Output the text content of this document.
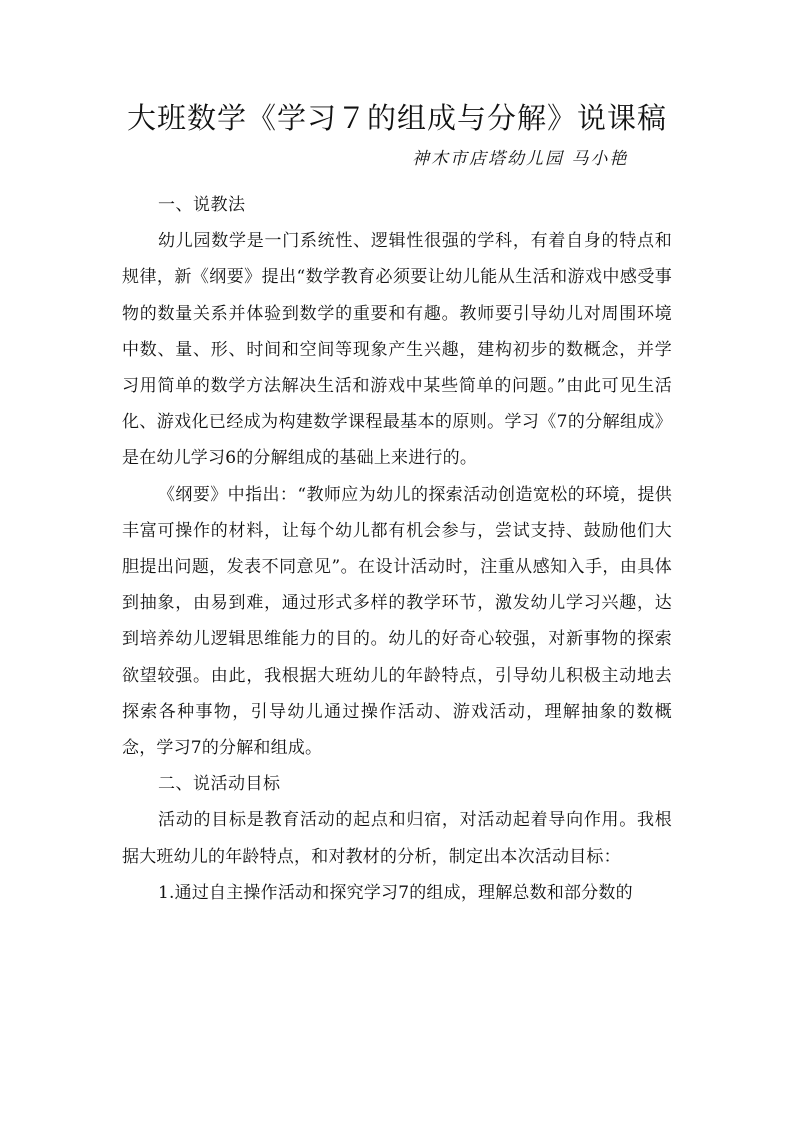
大班数学《学习７的组成与分解》说课稿
神木市店塔幼儿园 马小艳

一、说教法

幼儿园数学是一门系统性、逻辑性很强的学科，有着自身的特点和规律，新《纲要》提出“数学教育必须要让幼儿能从生活和游戏中感受事物的数量关系并体验到数学的重要和有趣。教师要引导幼儿对周围环境中数、量、形、时间和空间等现象产生兴趣，建构初步的数概念，并学习用简单的数学方法解决生活和游戏中某些简单的问题。”由此可见生活化、游戏化已经成为构建数学课程最基本的原则。学习《7的分解组成》是在幼儿学习6的分解组成的基础上来进行的。

《纲要》中指出：“教师应为幼儿的探索活动创造宽松的环境，提供丰富可操作的材料，让每个幼儿都有机会参与，尝试支持、鼓励他们大胆提出问题，发表不同意见”。在设计活动时，注重从感知入手，由具体到抽象，由易到难，通过形式多样的教学环节，激发幼儿学习兴趣，达到培养幼儿逻辑思维能力的目的。幼儿的好奇心较强，对新事物的探索欲望较强。由此，我根据大班幼儿的年龄特点，引导幼儿积极主动地去探索各种事物，引导幼儿通过操作活动、游戏活动，理解抽象的数概念，学习7的分解和组成。

二、说活动目标

活动的目标是教育活动的起点和归宿，对活动起着导向作用。我根据大班幼儿的年龄特点，和对教材的分析，制定出本次活动目标：

1.通过自主操作活动和探究学习7的组成，理解总数和部分数的
